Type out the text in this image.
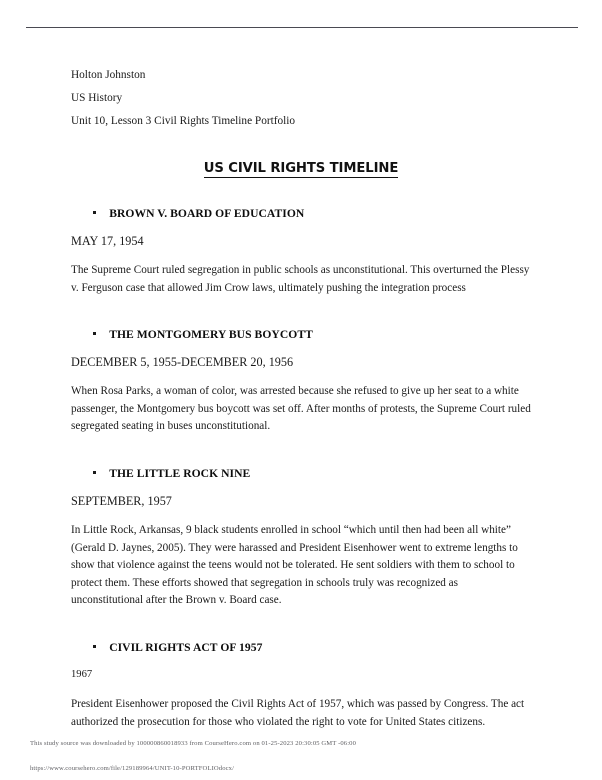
Holton Johnston
US History
Unit 10, Lesson 3 Civil Rights Timeline Portfolio
US CIVIL RIGHTS TIMELINE
BROWN V. BOARD OF EDUCATION
MAY 17, 1954
The Supreme Court ruled segregation in public schools as unconstitutional. This overturned the Plessy v. Ferguson case that allowed Jim Crow laws, ultimately pushing the integration process
THE MONTGOMERY BUS BOYCOTT
DECEMBER 5, 1955-DECEMBER 20, 1956
When Rosa Parks, a woman of color, was arrested because she refused to give up her seat to a white passenger, the Montgomery bus boycott was set off. After months of protests, the Supreme Court ruled segregated seating in buses unconstitutional.
THE LITTLE ROCK NINE
SEPTEMBER, 1957
In Little Rock, Arkansas, 9 black students enrolled in school “which until then had been all white” (Gerald D. Jaynes, 2005). They were harassed and President Eisenhower went to extreme lengths to show that violence against the teens would not be tolerated. He sent soldiers with them to school to protect them. These efforts showed that segregation in schools truly was recognized as unconstitutional after the Brown v. Board case.
CIVIL RIGHTS ACT OF 1957
1967
President Eisenhower proposed the Civil Rights Act of 1957, which was passed by Congress. The act authorized the prosecution for those who violated the right to vote for United States citizens.
This study source was downloaded by 100000860018933 from CourseHero.com on 01-25-2023 20:30:05 GMT -06:00
https://www.coursehero.com/file/129189964/UNIT-10-PORTFOLIOdocx/
